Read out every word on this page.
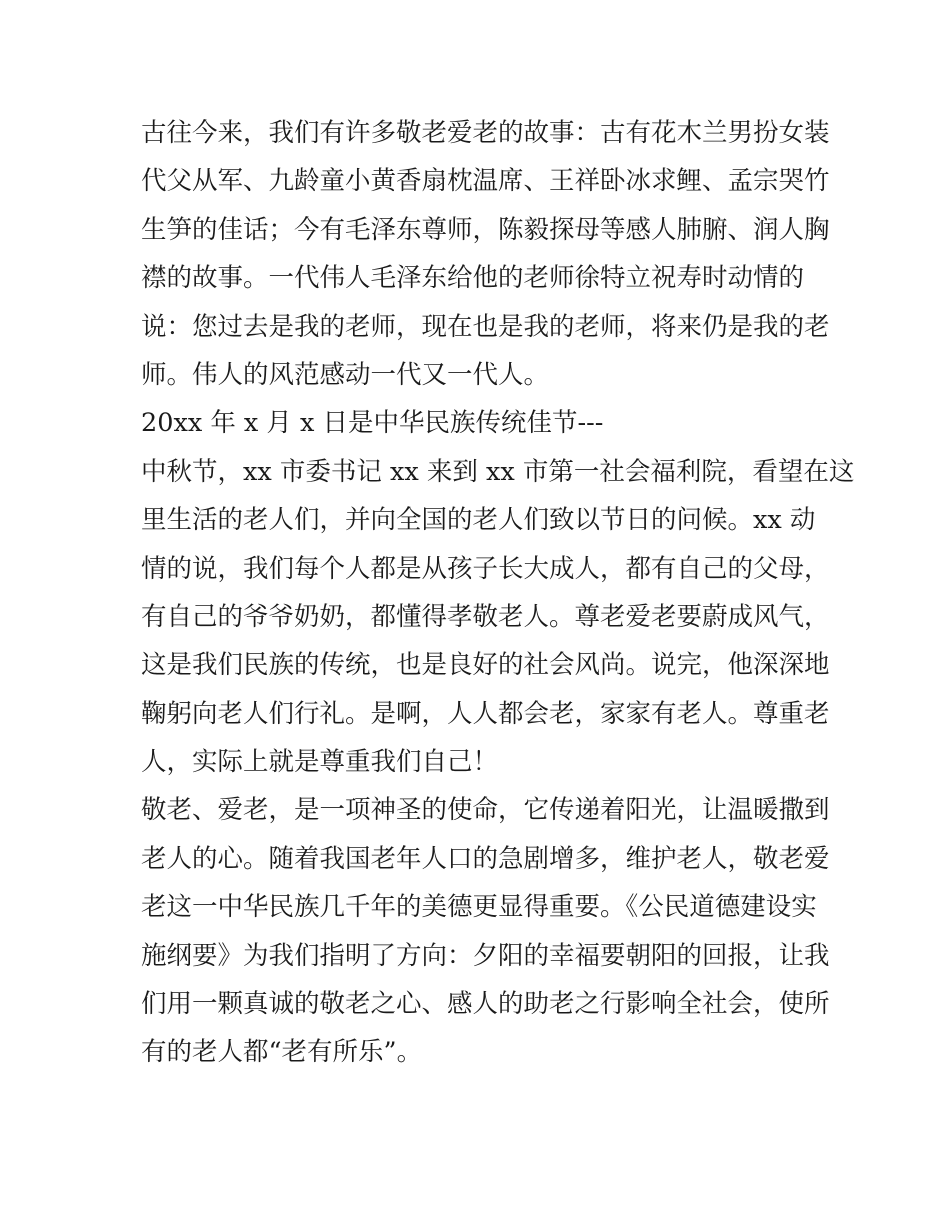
古往今来，我们有许多敬老爱老的故事：古有花木兰男扮女装
代父从军、九龄童小黄香扇枕温席、王祥卧冰求鲤、孟宗哭竹
生笋的佳话；今有毛泽东尊师，陈毅探母等感人肺腑、润人胸
襟的故事。一代伟人毛泽东给他的老师徐特立祝寿时动情的
说：您过去是我的老师，现在也是我的老师，将来仍是我的老
师。伟人的风范感动一代又一代人。
20xx 年 x 月 x 日是中华民族传统佳节---
中秋节，xx 市委书记 xx 来到 xx 市第一社会福利院，看望在这
里生活的老人们，并向全国的老人们致以节日的问候。xx 动
情的说，我们每个人都是从孩子长大成人，都有自己的父母，
有自己的爷爷奶奶，都懂得孝敬老人。尊老爱老要蔚成风气，
这是我们民族的传统，也是良好的社会风尚。说完，他深深地
鞠躬向老人们行礼。是啊，人人都会老，家家有老人。尊重老
人，实际上就是尊重我们自己！
敬老、爱老，是一项神圣的使命，它传递着阳光，让温暖撒到
老人的心。随着我国老年人口的急剧增多，维护老人，敬老爱
老这一中华民族几千年的美德更显得重要。《公民道德建设实
施纲要》为我们指明了方向：夕阳的幸福要朝阳的回报，让我
们用一颗真诚的敬老之心、感人的助老之行影响全社会，使所
有的老人都“老有所乐”。
